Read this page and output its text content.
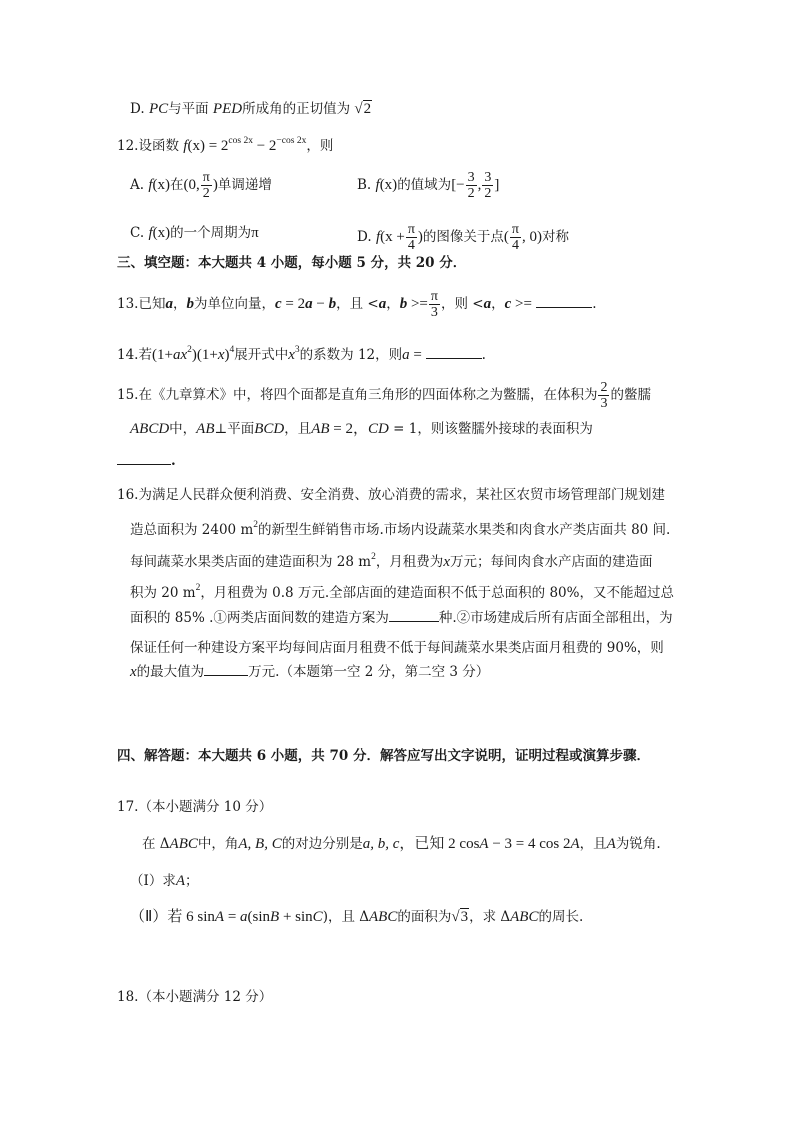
D. PC与平面 PED所成角的正切值为 √2
12.设函数 $f(x) = 2^{cos 2x} - 2^{-cos 2x}$，则
A. f(x)在(0, $\frac{\pi}{2}$ )单调递增	B. f(x)的值域为[− $\frac{3}{2}$ , $\frac{3}{2}$ ]
C. f(x)的一个周期为π	D. $f(x + \frac{\pi}{4}$ )的图像关于点( $\frac{\pi}{4}$ , 0)对称
三、填空题：本大题共 4 小题，每小题 5 分，共 20 分．
13.已知a，b为单位向量，c = 2a − b，且 <a，$b >= \frac{\pi}{3}$ ，则 <a，c >=	.
14.若$(1+ax^2)(1+x)^4$展开式中$x^3$的系数为 12，则a =	.
15.在《九章算术》中，将四个面都是直角三角形的四面体称之为鳖臑，在体积为 $\frac{2}{3}$ 的鳖臑
ABCD中，AB⊥平面BCD，且AB = 2，CD = 1，则该鳖臑外接球的表面积为
.
16.为满足人民群众便利消费、安全消费、放心消费的需求，某社区农贸市场管理部门规划建
造总面积为 2400 $m^2$的新型生鲜销售市场.市场内设蔬菜水果类和肉食水产类店面共 80 间.
每间蔬菜水果类店面的建造面积为 28 $m^2$，月租费为x万元；每间肉食水产店面的建造面
积为 20 $m^2$，月租费为 0.8 万元.全部店面的建造面积不低于总面积的 80%，又不能超过总
面积的 85% .①两类店面间数的建造方案为	种.②市场建成后所有店面全部租出，为
保证任何一种建设方案平均每间店面月租费不低于每间蔬菜水果类店面月租费的 90%，则
x的最大值为	万元.（本题第一空 2 分，第二空 3 分）
四、解答题：本大题共 6 小题，共 70 分．解答应写出文字说明，证明过程或演算步骤．
17.（本小题满分 10 分）
在 ΔABC中，角A, B, C的对边分别是a, b, c，已知 2 cosA − 3 = 4 cos 2A，且A为锐角.
（Ⅰ）求A；
（Ⅱ）若 6 sinA = a(sinB + sinC)，且 ΔABC的面积为√3，求 ΔABC的周长.
18.（本小题满分 12 分）
